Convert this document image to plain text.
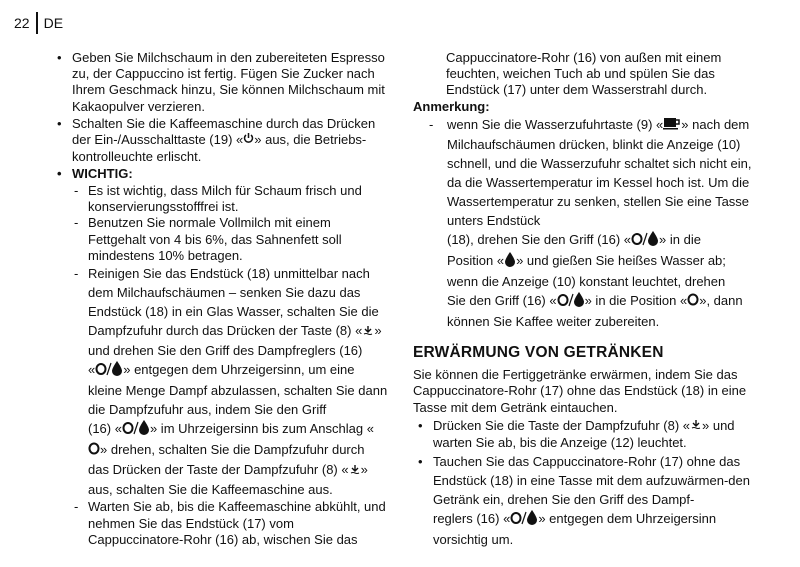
22 DE
• Geben Sie Milchschaum in den zubereiteten Espresso zu, der Cappuccino ist fertig. Fügen Sie Zucker nach Ihrem Geschmack hinzu, Sie können Milchschaum mit Kakaopulver verzieren.
• Schalten Sie die Kaffeemaschine durch das Drücken der Ein-/Ausschalttaste (19) « » aus, die Betriebs-kontrolleuchte erlischt.
• WICHTIG:
- Es ist wichtig, dass Milch für Schaum frisch und konservierungsstofffrei ist.
- Benutzen Sie normale Vollmilch mit einem Fettgehalt von 4 bis 6%, das Sahnenfett soll mindestens 10% betragen.
- Reinigen Sie das Endstück (18) unmittelbar nach dem Milchaufschäumen – senken Sie dazu das Endstück (18) in ein Glas Wasser, schalten Sie die Dampfzufuhr durch das Drücken der Taste (8) « » und drehen Sie den Griff des Dampfreglers (16)
« » entgegen dem Uhrzeigersinn, um eine kleine Menge Dampf abzulassen, schalten Sie dann die Dampfzufuhr aus, indem Sie den Griff
(16) « » im Uhrzeigersinn bis zum Anschlag «
» drehen, schalten Sie die Dampfzufuhr durch das Drücken der Taste der Dampfzufuhr (8) « » aus, schalten Sie die Kaffeemaschine aus.
- Warten Sie ab, bis die Kaffeemaschine abkühlt, und nehmen Sie das Endstück (17) vom Cappuccinatore-Rohr (16) ab, wischen Sie das
Cappuccinatore-Rohr (16) von außen mit einem feuchten, weichen Tuch ab und spülen Sie das Endstück (17) unter dem Wasserstrahl durch.
Anmerkung:
- wenn Sie die Wasserzufuhrtaste (9) « » nach dem Milchaufschäumen drücken, blinkt die Anzeige (10) schnell, und die Wasserzufuhr schaltet sich nicht ein, da die Wassertemperatur im Kessel hoch ist. Um die Wassertemperatur zu senken, stellen Sie eine Tasse unters Endstück
(18), drehen Sie den Griff (16) « » in die
Position « » und gießen Sie heißes Wasser ab; wenn die Anzeige (10) konstant leuchtet, drehen
Sie den Griff (16) « » in die Position « », dann können Sie Kaffee weiter zubereiten.
ERWÄRMUNG VON GETRÄNKEN
Sie können die Fertiggetränke erwärmen, indem Sie das Cappuccinatore-Rohr (17) ohne das Endstück (18) in eine Tasse mit dem Getränk eintauchen.
• Drücken Sie die Taste der Dampfzufuhr (8) « » und warten Sie ab, bis die Anzeige (12) leuchtet.
• Tauchen Sie das Cappuccinatore-Rohr (17) ohne das Endstück (18) in eine Tasse mit dem aufzuwärmen-den Getränk ein, drehen Sie den Griff des Dampf-
reglers (16) « » entgegen dem Uhrzeigersinn vorsichtig um.
